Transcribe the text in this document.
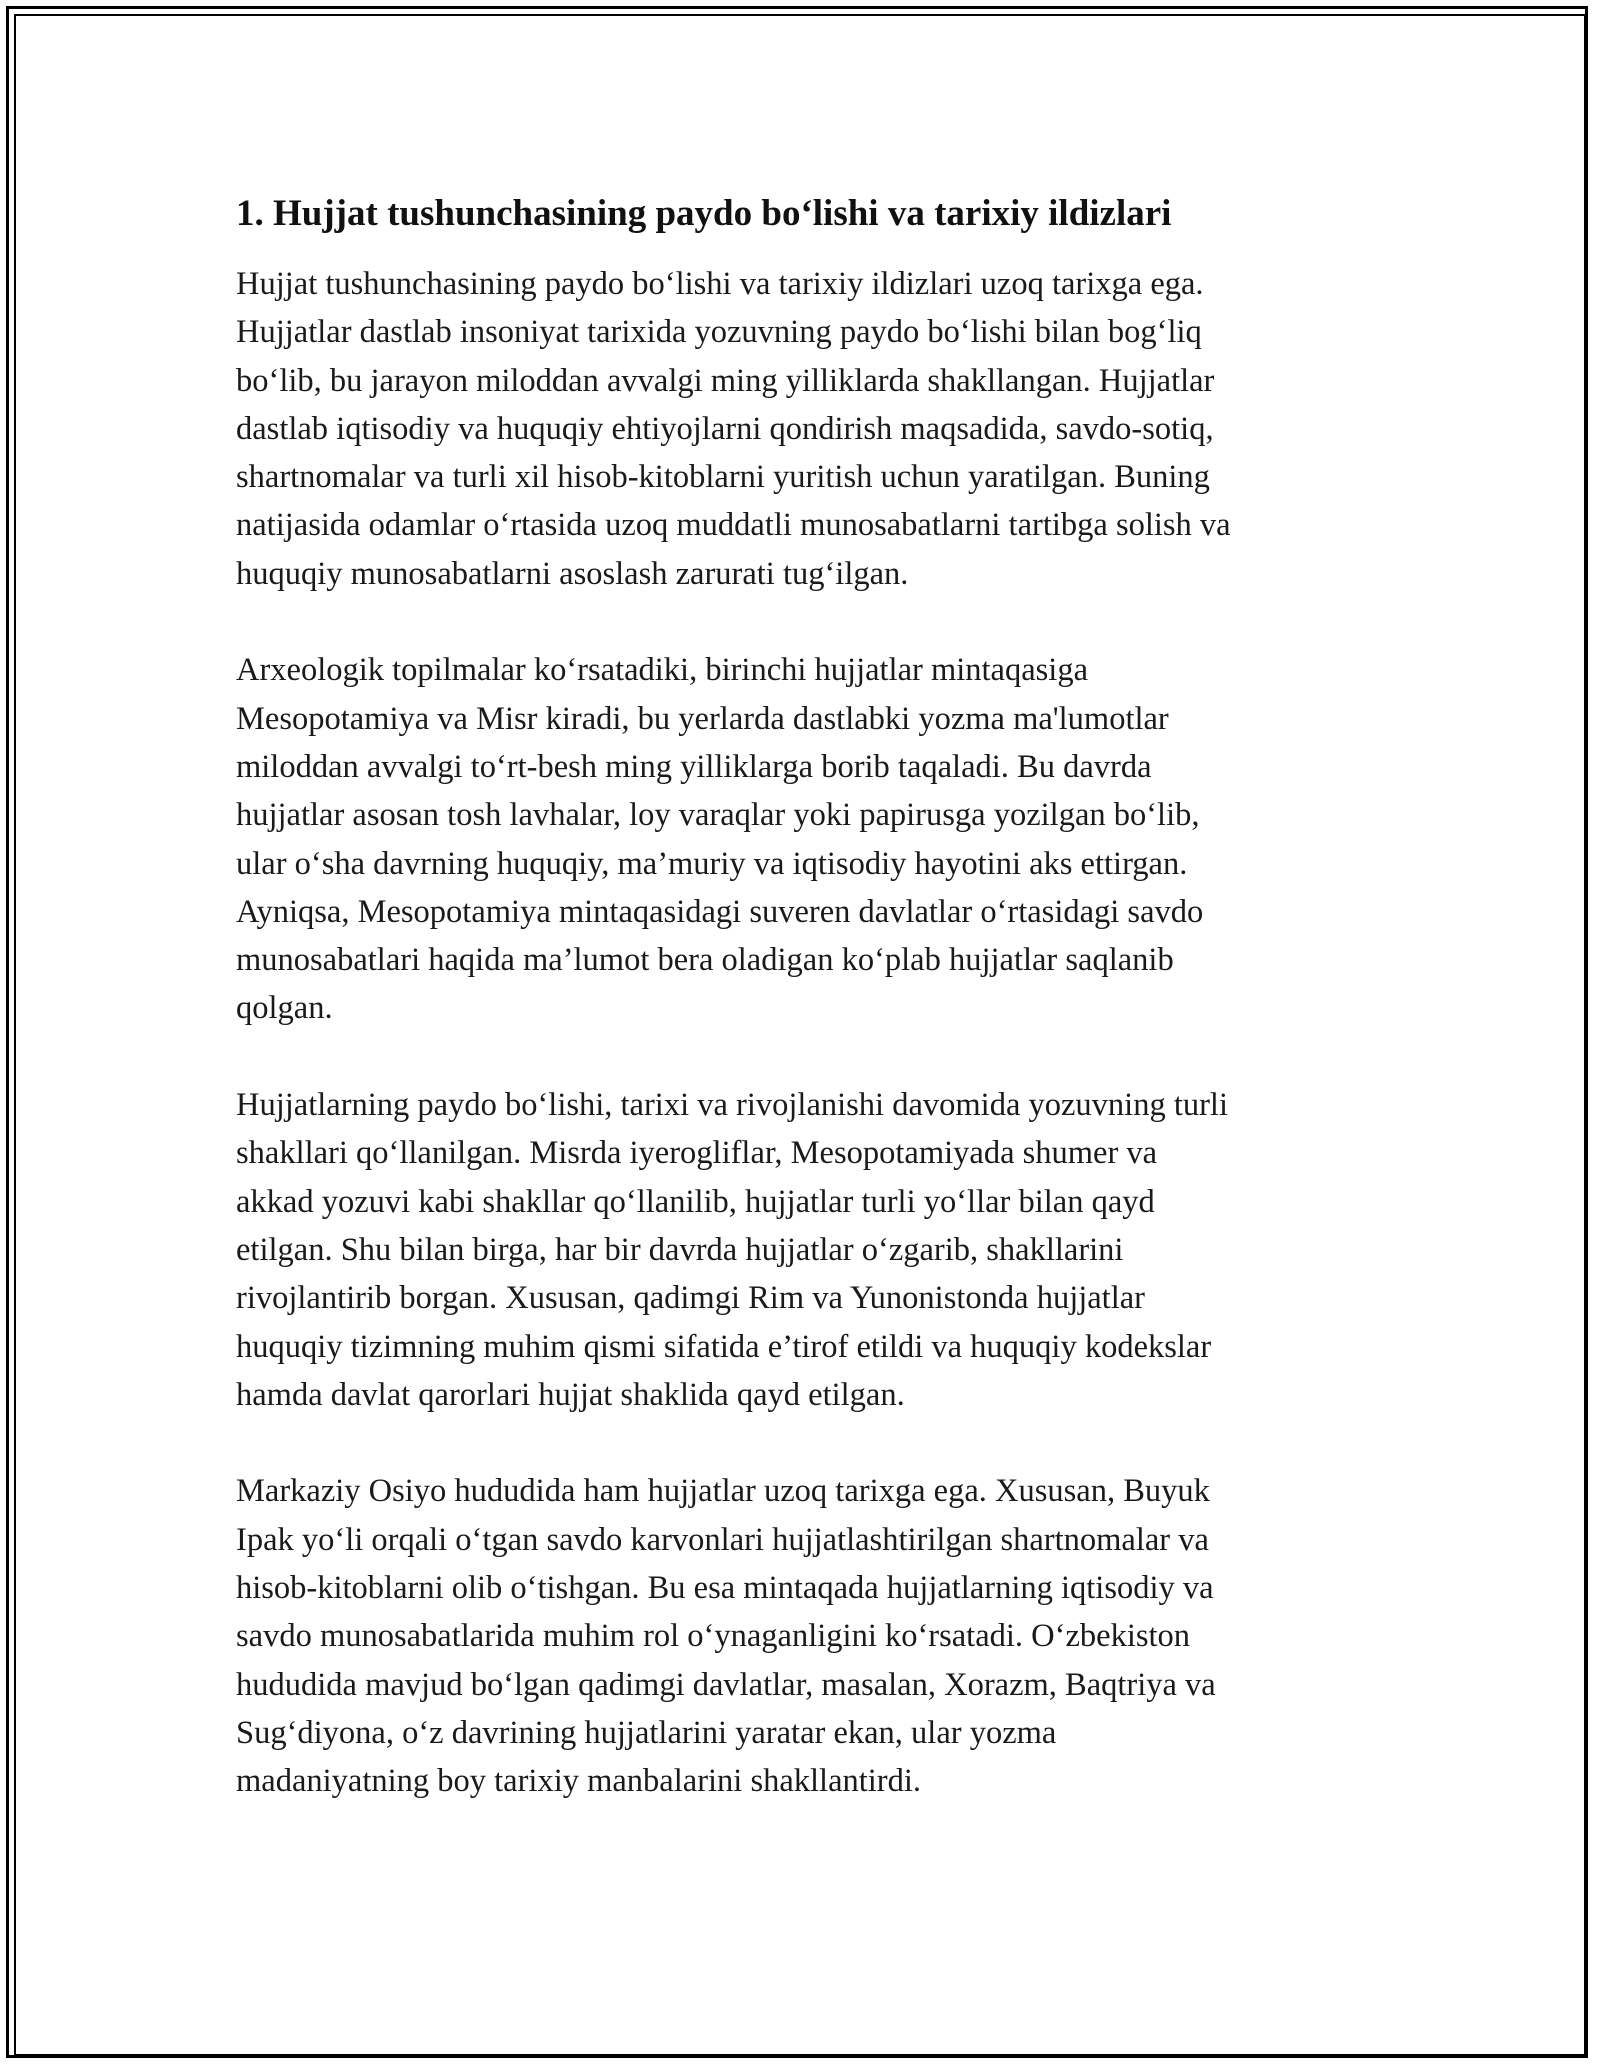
1. Hujjat tushunchasining paydo bo‘lishi va tarixiy ildizlari
Hujjat tushunchasining paydo bo‘lishi va tarixiy ildizlari uzoq tarixga ega.
Hujjatlar dastlab insoniyat tarixida yozuvning paydo bo‘lishi bilan bog‘liq
bo‘lib, bu jarayon miloddan avvalgi ming yilliklarda shakllangan. Hujjatlar
dastlab iqtisodiy va huquqiy ehtiyojlarni qondirish maqsadida, savdo-sotiq,
shartnomalar va turli xil hisob-kitoblarni yuritish uchun yaratilgan. Buning
natijasida odamlar o‘rtasida uzoq muddatli munosabatlarni tartibga solish va
huquqiy munosabatlarni asoslash zarurati tug‘ilgan.
Arxeologik topilmalar ko‘rsatadiki, birinchi hujjatlar mintaqasiga
Mesopotamiya va Misr kiradi, bu yerlarda dastlabki yozma ma'lumotlar
miloddan avvalgi to‘rt-besh ming yilliklarga borib taqaladi. Bu davrda
hujjatlar asosan tosh lavhalar, loy varaqlar yoki papirusga yozilgan bo‘lib,
ular o‘sha davrning huquqiy, ma’muriy va iqtisodiy hayotini aks ettirgan.
Ayniqsa, Mesopotamiya mintaqasidagi suveren davlatlar o‘rtasidagi savdo
munosabatlari haqida ma’lumot bera oladigan ko‘plab hujjatlar saqlanib
qolgan.
Hujjatlarning paydo bo‘lishi, tarixi va rivojlanishi davomida yozuvning turli
shakllari qo‘llanilgan. Misrda iyerogliflar, Mesopotamiyada shumer va
akkad yozuvi kabi shakllar qo‘llanilib, hujjatlar turli yo‘llar bilan qayd
etilgan. Shu bilan birga, har bir davrda hujjatlar o‘zgarib, shakllarini
rivojlantirib borgan. Xususan, qadimgi Rim va Yunonistonda hujjatlar
huquqiy tizimning muhim qismi sifatida e’tirof etildi va huquqiy kodekslar
hamda davlat qarorlari hujjat shaklida qayd etilgan.
Markaziy Osiyo hududida ham hujjatlar uzoq tarixga ega. Xususan, Buyuk
Ipak yo‘li orqali o‘tgan savdo karvonlari hujjatlashtirilgan shartnomalar va
hisob-kitoblarni olib o‘tishgan. Bu esa mintaqada hujjatlarning iqtisodiy va
savdo munosabatlarida muhim rol o‘ynaganligini ko‘rsatadi. O‘zbekiston
hududida mavjud bo‘lgan qadimgi davlatlar, masalan, Xorazm, Baqtriya va
Sug‘diyona, o‘z davrining hujjatlarini yaratar ekan, ular yozma
madaniyatning boy tarixiy manbalarini shakllantirdi.
